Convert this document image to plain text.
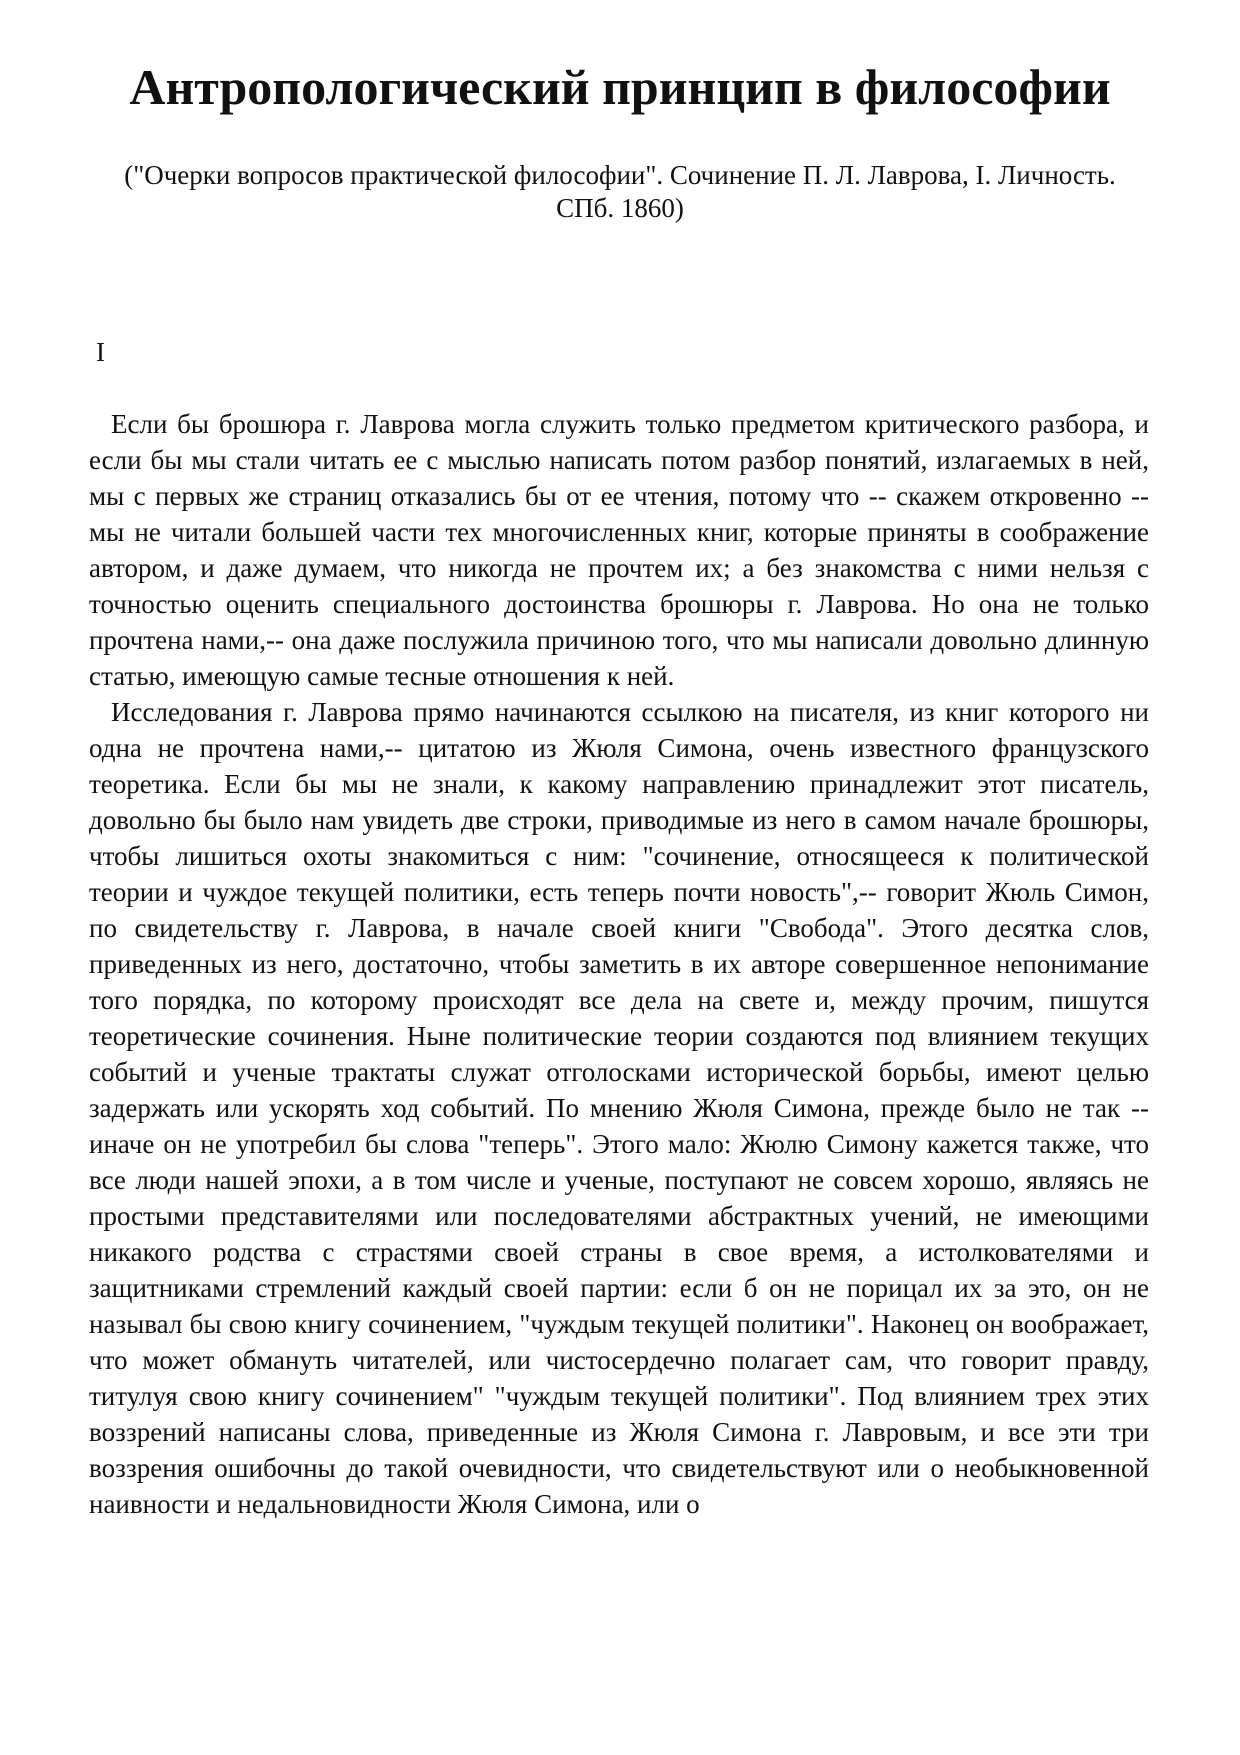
Антропологический принцип в философии

("Очерки вопросов практической философии". Сочинение П. Л. Лаврова, I. Личность. СПб. 1860)

I

Если бы брошюра г. Лаврова могла служить только предметом критического разбора, и если бы мы стали читать ее с мыслью написать потом разбор понятий, излагаемых в ней, мы с первых же страниц отказались бы от ее чтения, потому что -- скажем откровенно -- мы не читали большей части тех многочисленных книг, которые приняты в соображение автором, и даже думаем, что никогда не прочтем их; а без знакомства с ними нельзя с точностью оценить специального достоинства брошюры г. Лаврова. Но она не только прочтена нами,-- она даже послужила причиною того, что мы написали довольно длинную статью, имеющую самые тесные отношения к ней.

Исследования г. Лаврова прямо начинаются ссылкою на писателя, из книг которого ни одна не прочтена нами,-- цитатою из Жюля Симона, очень известного французского теоретика. Если бы мы не знали, к какому направлению принадлежит этот писатель, довольно бы было нам увидеть две строки, приводимые из него в самом начале брошюры, чтобы лишиться охоты знакомиться с ним: "сочинение, относящееся к политической теории и чуждое текущей политики, есть теперь почти новость",-- говорит Жюль Симон, по свидетельству г. Лаврова, в начале своей книги "Свобода". Этого десятка слов, приведенных из него, достаточно, чтобы заметить в их авторе совершенное непонимание того порядка, по которому происходят все дела на свете и, между прочим, пишутся теоретические сочинения. Ныне политические теории создаются под влиянием текущих событий и ученые трактаты служат отголосками исторической борьбы, имеют целью задержать или ускорять ход событий. По мнению Жюля Симона, прежде было не так -- иначе он не употребил бы слова "теперь". Этого мало: Жюлю Симону кажется также, что все люди нашей эпохи, а в том числе и ученые, поступают не совсем хорошо, являясь не простыми представителями или последователями абстрактных учений, не имеющими никакого родства с страстями своей страны в свое время, а истолкователями и защитниками стремлений каждый своей партии: если б он не порицал их за это, он не называл бы свою книгу сочинением, "чуждым текущей политики". Наконец он воображает, что может обмануть читателей, или чистосердечно полагает сам, что говорит правду, титулуя свою книгу сочинением" "чуждым текущей политики". Под влиянием трех этих воззрений написаны слова, приведенные из Жюля Симона г. Лавровым, и все эти три воззрения ошибочны до такой очевидности, что свидетельствуют или о необыкновенной наивности и недальновидности Жюля Симона, или о
